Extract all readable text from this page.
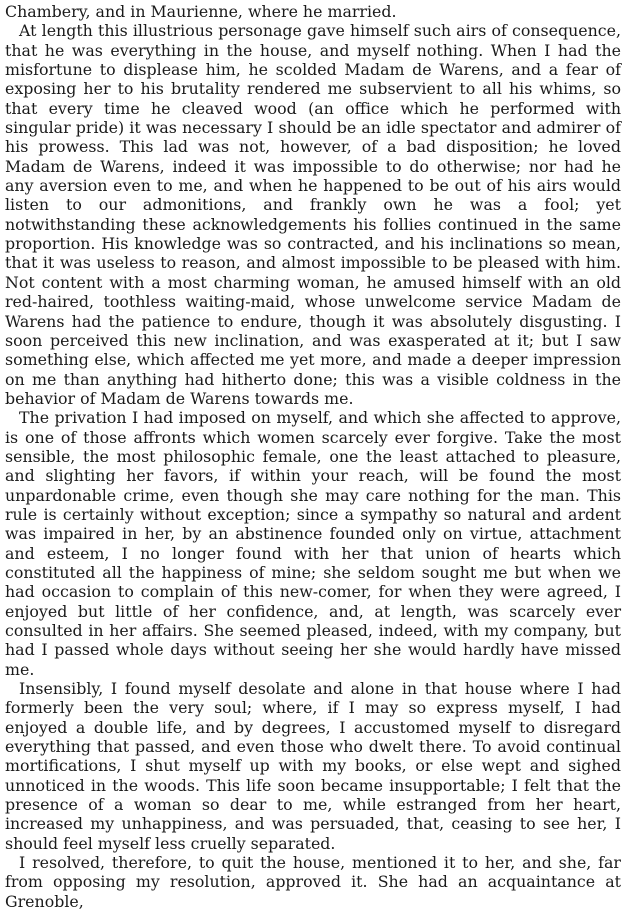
Chambery, and in Maurienne, where he married.

At length this illustrious personage gave himself such airs of consequence, that he was everything in the house, and myself nothing. When I had the misfortune to displease him, he scolded Madam de Warens, and a fear of exposing her to his brutality rendered me subservient to all his whims, so that every time he cleaved wood (an office which he performed with singular pride) it was necessary I should be an idle spectator and admirer of his prowess. This lad was not, however, of a bad disposition; he loved Madam de Warens, indeed it was impossible to do otherwise; nor had he any aversion even to me, and when he happened to be out of his airs would listen to our admonitions, and frankly own he was a fool; yet notwithstanding these acknowledgements his follies continued in the same proportion. His knowledge was so contracted, and his inclinations so mean, that it was useless to reason, and almost impossible to be pleased with him. Not content with a most charming woman, he amused himself with an old red-haired, toothless waiting-maid, whose unwelcome service Madam de Warens had the patience to endure, though it was absolutely disgusting. I soon perceived this new inclination, and was exasperated at it; but I saw something else, which affected me yet more, and made a deeper impression on me than anything had hitherto done; this was a visible coldness in the behavior of Madam de Warens towards me.

The privation I had imposed on myself, and which she affected to approve, is one of those affronts which women scarcely ever forgive. Take the most sensible, the most philosophic female, one the least attached to pleasure, and slighting her favors, if within your reach, will be found the most unpardonable crime, even though she may care nothing for the man. This rule is certainly without exception; since a sympathy so natural and ardent was impaired in her, by an abstinence founded only on virtue, attachment and esteem, I no longer found with her that union of hearts which constituted all the happiness of mine; she seldom sought me but when we had occasion to complain of this new-comer, for when they were agreed, I enjoyed but little of her confidence, and, at length, was scarcely ever consulted in her affairs. She seemed pleased, indeed, with my company, but had I passed whole days without seeing her she would hardly have missed me.

Insensibly, I found myself desolate and alone in that house where I had formerly been the very soul; where, if I may so express myself, I had enjoyed a double life, and by degrees, I accustomed myself to disregard everything that passed, and even those who dwelt there. To avoid continual mortifications, I shut myself up with my books, or else wept and sighed unnoticed in the woods. This life soon became insupportable; I felt that the presence of a woman so dear to me, while estranged from her heart, increased my unhappiness, and was persuaded, that, ceasing to see her, I should feel myself less cruelly separated.

I resolved, therefore, to quit the house, mentioned it to her, and she, far from opposing my resolution, approved it. She had an acquaintance at Grenoble,
